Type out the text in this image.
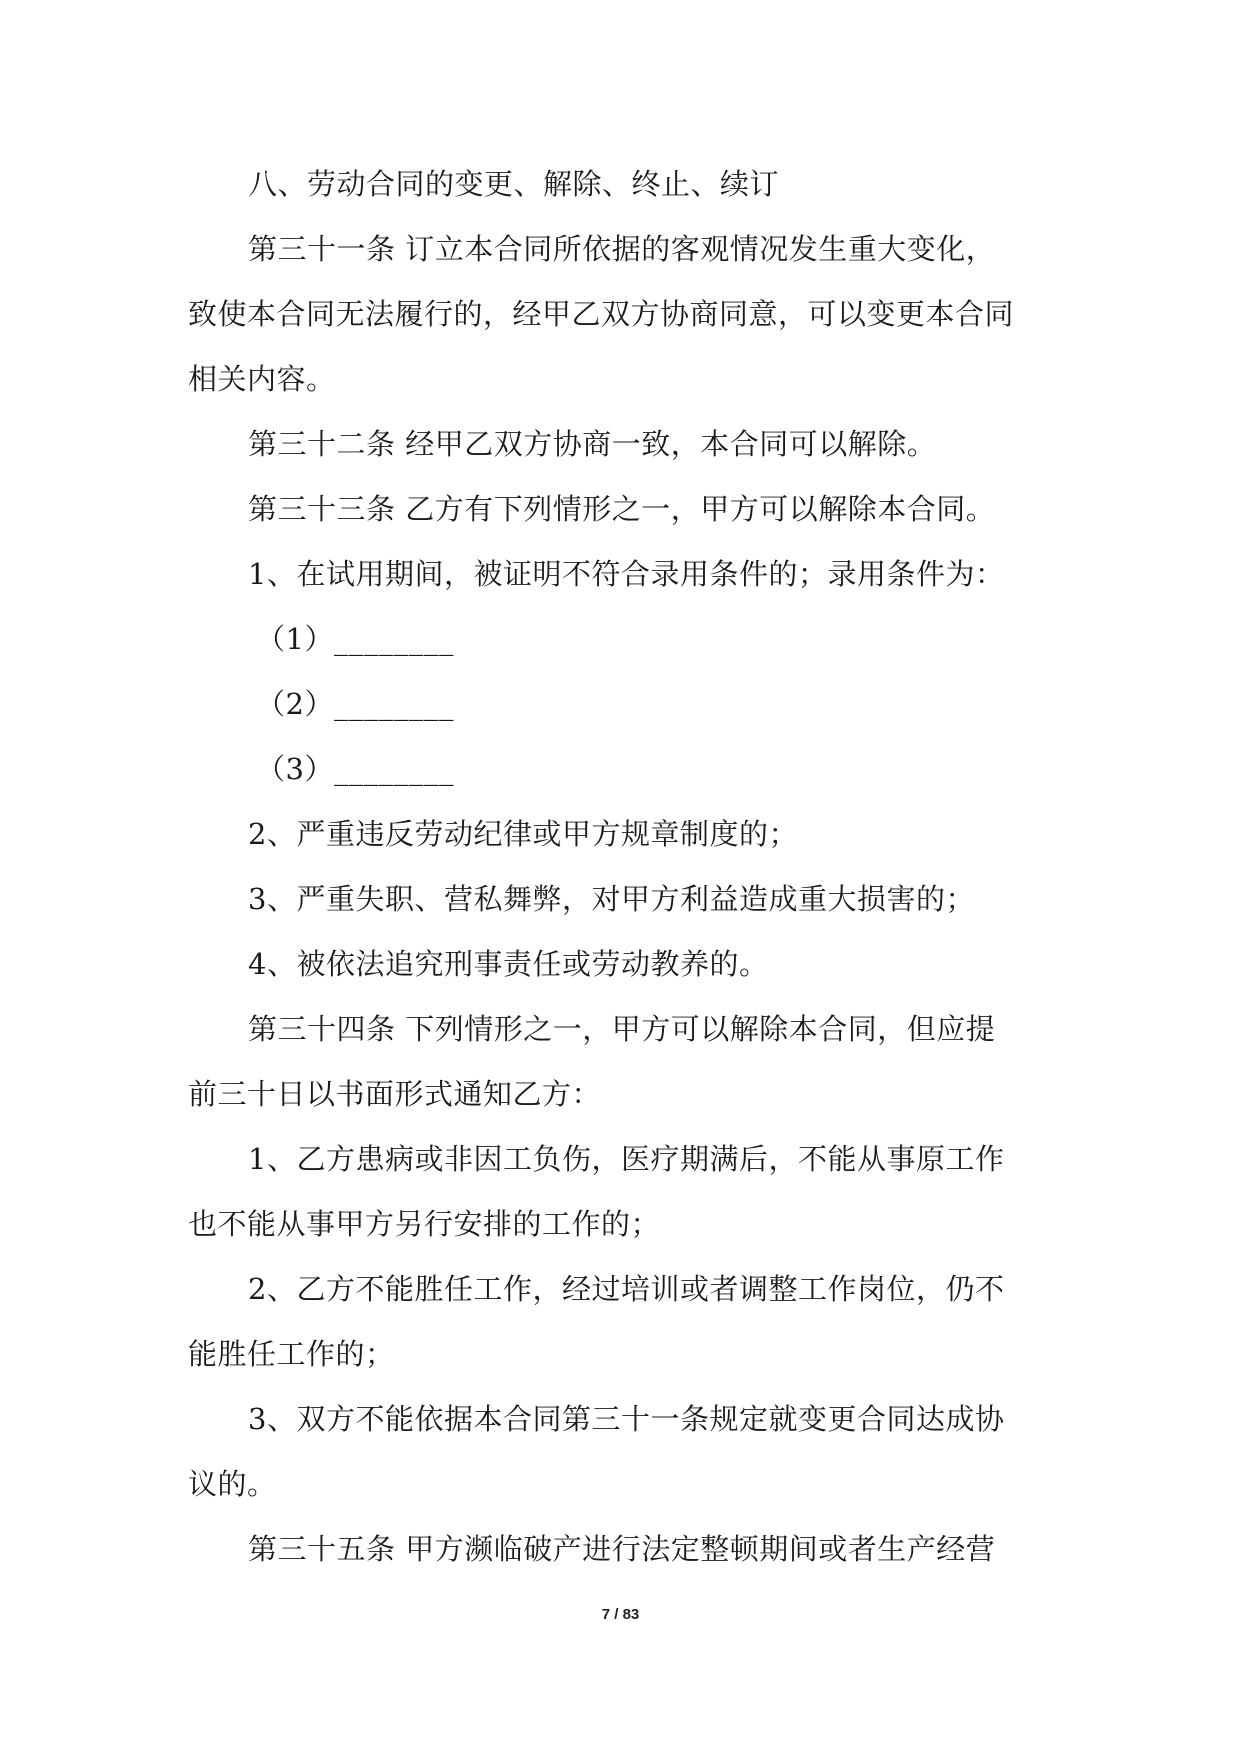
八、劳动合同的变更、解除、终止、续订
第三十一条 订立本合同所依据的客观情况发生重大变化，
致使本合同无法履行的，经甲乙双方协商同意，可以变更本合同
相关内容。
第三十二条 经甲乙双方协商一致，本合同可以解除。
第三十三条 乙方有下列情形之一，甲方可以解除本合同。
1、在试用期间，被证明不符合录用条件的；录用条件为：
（1）________
（2）________
（3）________
2、严重违反劳动纪律或甲方规章制度的；
3、严重失职、营私舞弊，对甲方利益造成重大损害的；
4、被依法追究刑事责任或劳动教养的。
第三十四条 下列情形之一，甲方可以解除本合同，但应提
前三十日以书面形式通知乙方：
1、乙方患病或非因工负伤，医疗期满后，不能从事原工作
也不能从事甲方另行安排的工作的；
2、乙方不能胜任工作，经过培训或者调整工作岗位，仍不
能胜任工作的；
3、双方不能依据本合同第三十一条规定就变更合同达成协
议的。
第三十五条 甲方濒临破产进行法定整顿期间或者生产经营
7 / 83
